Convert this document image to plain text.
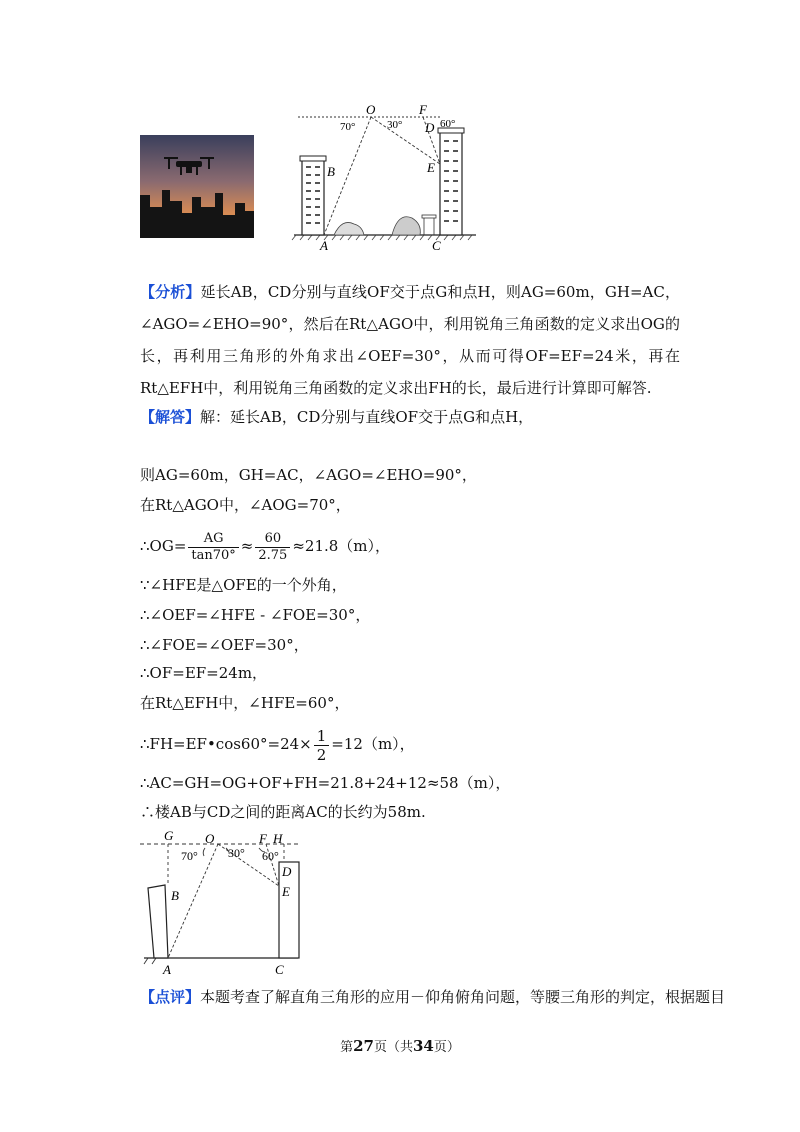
O	F
D
E
B
A	C
70°	30°	60°
【分析】延长AB，CD分别与直线OF交于点G和点H，则AG=60m，GH=AC，∠AGO=∠EHO=90°，然后在Rt△AGO中，利用锐角三角函数的定义求出OG的长，再利用三角形的外角求出∠OEF=30°，从而可得OF=EF=24米，再在Rt△EFH中，利用锐角三角函数的定义求出FH的长，最后进行计算即可解答.
【解答】解：延长AB，CD分别与直线OF交于点G和点H，
则AG=60m，GH=AC，∠AGO=∠EHO=90°，
在Rt△AGO中，∠AOG=70°，
∴OG= $\frac{AG}{\tan 70^\circ} \approx \frac{60}{2.75} \approx 21.8(m)$，
∵∠HFE是△OFE的一个外角，
∴∠OEF=∠HFE - ∠FOE=30°，
∴∠FOE=∠OEF=30°，
∴OF=EF=24m，
在Rt△EFH中，∠HFE=60°，
∴FH=EF•cos60°=24× $\frac{1}{2} =12(m)$，
∴AC=GH=OG+OF+FH=21.8+24+12≈58（m），
∴楼AB与CD之间的距离AC的长约为58m.
G O	F H
D
E
B
A	C
70°	30° 60°
【点评】本题考查了解直角三角形的应用－仰角俯角问题，等腰三角形的判定，根据题目
第27页（共34页）
